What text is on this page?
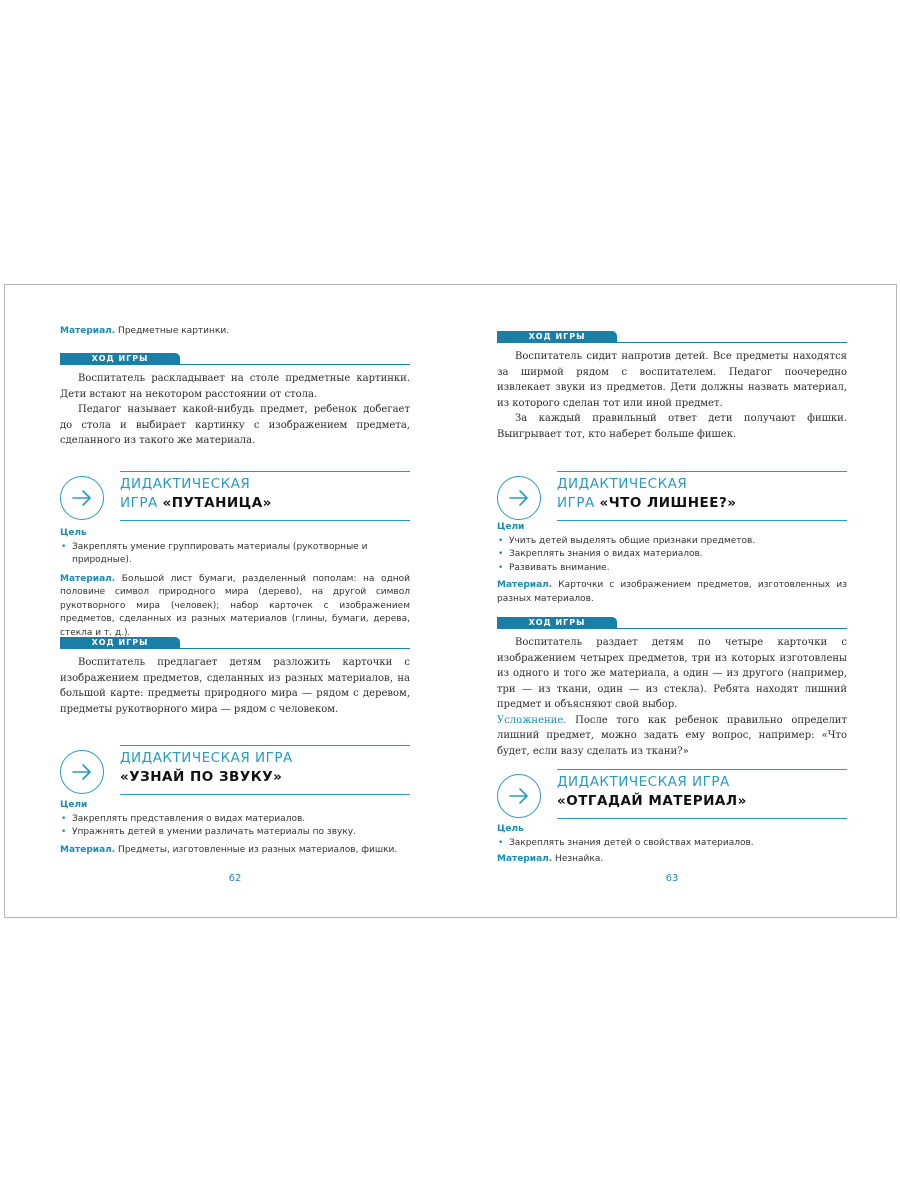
Материал. Предметные картинки.
ХОД ИГРЫ

Воспитатель раскладывает на столе предметные картинки. Дети встают на некотором расстоянии от стола.

Педагог называет какой-нибудь предмет, ребенок добегает до стола и выбирает картинку с изображением предмета, сделанного из такого же материала.

ДИДАКТИЧЕСКАЯ
ИГРА «ПУТАНИЦА»
Цель
• Закреплять умение группировать материалы (рукотворные и природные).
Материал. Большой лист бумаги, разделенный пополам: на одной половине символ природного мира (дерево), на другой символ рукотворного мира (человек); набор карточек с изображением предметов, сделанных из разных материалов (глины, бумаги, дерева, стекла и т. д.).
ХОД ИГРЫ

Воспитатель предлагает детям разложить карточки с изображением предметов, сделанных из разных материалов, на большой карте: предметы природного мира — рядом с деревом, предметы рукотворного мира — рядом с человеком.

ДИДАКТИЧЕСКАЯ ИГРА
«УЗНАЙ ПО ЗВУКУ»
Цели
• Закреплять представления о видах материалов.
• Упражнять детей в умении различать материалы по звуку.
Материал. Предметы, изготовленные из разных материалов, фишки.
62
ХОД ИГРЫ

Воспитатель сидит напротив детей. Все предметы находятся за ширмой рядом с воспитателем. Педагог поочередно извлекает звуки из предметов. Дети должны назвать материал, из которого сделан тот или иной предмет.

За каждый правильный ответ дети получают фишки. Выигрывает тот, кто наберет больше фишек.

ДИДАКТИЧЕСКАЯ
ИГРА «ЧТО ЛИШНЕЕ?»
Цели
• Учить детей выделять общие признаки предметов.
• Закреплять знания о видах материалов.
• Развивать внимание.
Материал. Карточки с изображением предметов, изготовленных из разных материалов.
ХОД ИГРЫ

Воспитатель раздает детям по четыре карточки с изображением четырех предметов, три из которых изготовлены из одного и того же материала, а один — из другого (например, три — из ткани, один — из стекла). Ребята находят лишний предмет и объясняют свой выбор.

Усложнение. После того как ребенок правильно определит лишний предмет, можно задать ему вопрос, например: «Что будет, если вазу сделать из ткани?»

ДИДАКТИЧЕСКАЯ ИГРА
«ОТГАДАЙ МАТЕРИАЛ»
Цель
• Закреплять знания детей о свойствах материалов.
Материал. Незнайка.
63
